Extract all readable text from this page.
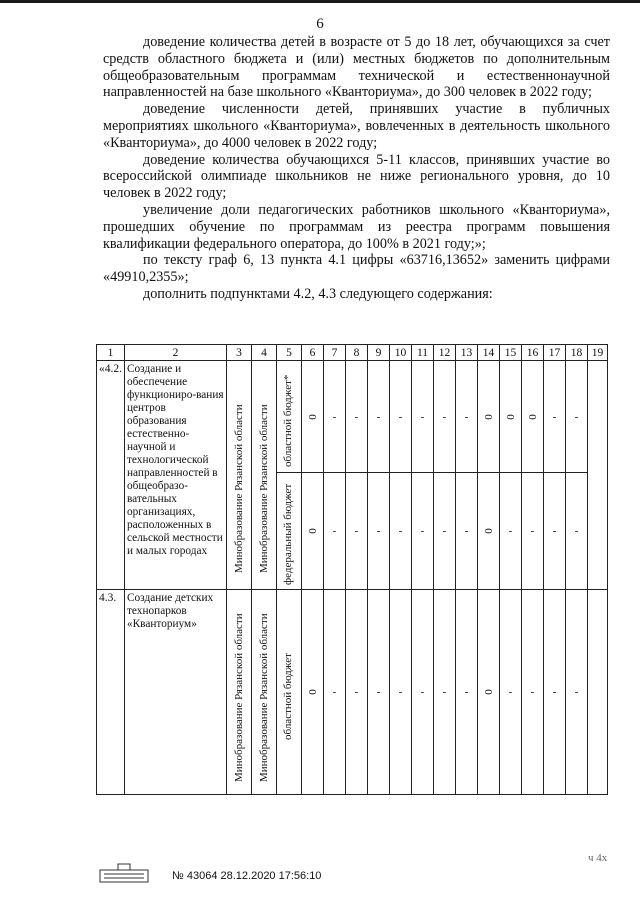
6

доведение количества детей в возрасте от 5 до 18 лет, обучающихся за счет средств областного бюджета и (или) местных бюджетов по дополнительным общеобразовательным программам технической и естественнонаучной направленностей на базе школьного «Кванториума», до 300 человек в 2022 году;

доведение численности детей, принявших участие в публичных мероприятиях школьного «Кванториума», вовлеченных в деятельность школьного «Кванториума», до 4000 человек в 2022 году;

доведение количества обучающихся 5-11 классов, принявших участие во всероссийской олимпиаде школьников не ниже регионального уровня, до 10 человек в 2022 году;

увеличение доли педагогических работников школьного «Кванториума», прошедших обучение по программам из реестра программ повышения квалификации федерального оператора, до 100% в 2021 году;»;

по тексту граф 6, 13 пункта 4.1 цифры «63716,13652» заменить цифрами «49910,2355»;

дополнить подпунктами 4.2, 4.3 следующего содержания:

1	2	3	4	5	6	7	8	9	10	11	12	13	14	15	16	17	18	19
«4.2.	Создание и обеспечение функциониро-вания центров образования естественно-научной и технологической направленностей в общеобразо-вательных организациях, расположенных в сельской местности и малых городах	Минобразование Рязанской области	Минобразование Рязанской области	областной бюджет*	0	-	-	-	-	-	-	-	0	0	0	-	-	

				федеральный бюджет	0	-	-	-	-	-	-	-	0	-	-	-	-	
4.3.	Создание детских технопарков «Кванториум»	Минобразование Рязанской области	Минобразование Рязанской области	областной бюджет	0	-	-	-	-	-	-	-	0	-	-	-	-	
№ 43064 28.12.2020 17:56:10
ч 4х
